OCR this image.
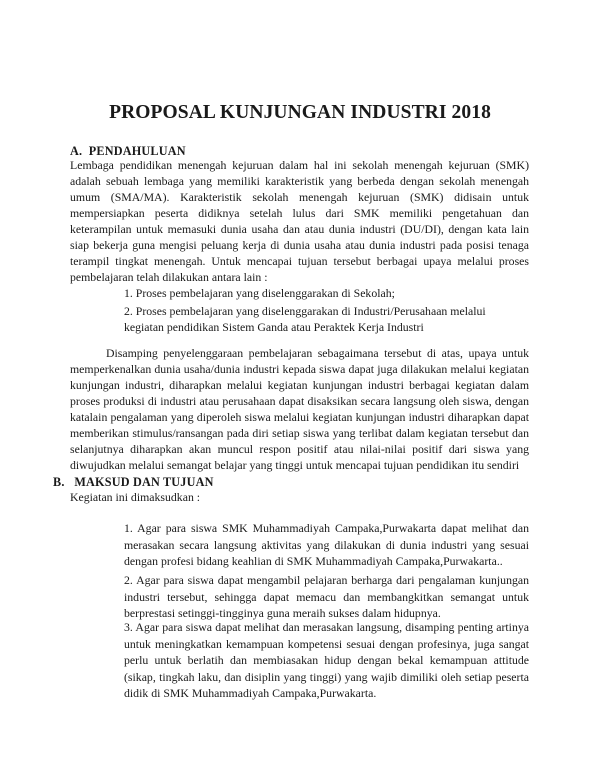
PROPOSAL KUNJUNGAN INDUSTRI 2018
A. PENDAHULUAN

Lembaga pendidikan menengah kejuruan dalam hal ini sekolah menengah kejuruan (SMK) adalah sebuah lembaga yang memiliki karakteristik yang berbeda dengan sekolah menengah umum (SMA/MA). Karakteristik sekolah menengah kejuruan (SMK) didisain untuk mempersiapkan peserta didiknya setelah lulus dari SMK memiliki pengetahuan dan keterampilan untuk memasuki dunia usaha dan atau dunia industri (DU/DI), dengan kata lain siap bekerja guna mengisi peluang kerja di dunia usaha atau dunia industri pada posisi tenaga terampil tingkat menengah. Untuk mencapai tujuan tersebut berbagai upaya melalui proses pembelajaran telah dilakukan antara lain :

1. Proses pembelajaran yang diselenggarakan di Sekolah;
2. Proses pembelajaran yang diselenggarakan di Industri/Perusahaan melalui
kegiatan pendidikan Sistem Ganda atau Peraktek Kerja Industri

Disamping penyelenggaraan pembelajaran sebagaimana tersebut di atas, upaya untuk memperkenalkan dunia usaha/dunia industri kepada siswa dapat juga dilakukan melalui kegiatan kunjungan industri, diharapkan melalui kegiatan kunjungan industri berbagai kegiatan dalam proses produksi di industri atau perusahaan dapat disaksikan secara langsung oleh siswa, dengan katalain pengalaman yang diperoleh siswa melalui kegiatan kunjungan industri diharapkan dapat memberikan stimulus/ransangan pada diri setiap siswa yang terlibat dalam kegiatan tersebut dan selanjutnya diharapkan akan muncul respon positif atau nilai-nilai positif dari siswa yang diwujudkan melalui semangat belajar yang tinggi untuk mencapai tujuan pendidikan itu sendiri

B. MAKSUD DAN TUJUAN
Kegiatan ini dimaksudkan :

1. Agar para siswa SMK Muhammadiyah Campaka,Purwakarta dapat melihat dan merasakan secara langsung aktivitas yang dilakukan di dunia industri yang sesuai dengan profesi bidang keahlian di SMK Muhammadiyah Campaka,Purwakarta..

2. Agar para siswa dapat mengambil pelajaran berharga dari pengalaman kunjungan industri tersebut, sehingga dapat memacu dan membangkitkan semangat untuk berprestasi setinggi-tingginya guna meraih sukses dalam hidupnya.

3. Agar para siswa dapat melihat dan merasakan langsung, disamping penting artinya untuk meningkatkan kemampuan kompetensi sesuai dengan profesinya, juga sangat perlu untuk berlatih dan membiasakan hidup dengan bekal kemampuan attitude (sikap, tingkah laku, dan disiplin yang tinggi) yang wajib dimiliki oleh setiap peserta didik di SMK Muhammadiyah Campaka,Purwakarta.
